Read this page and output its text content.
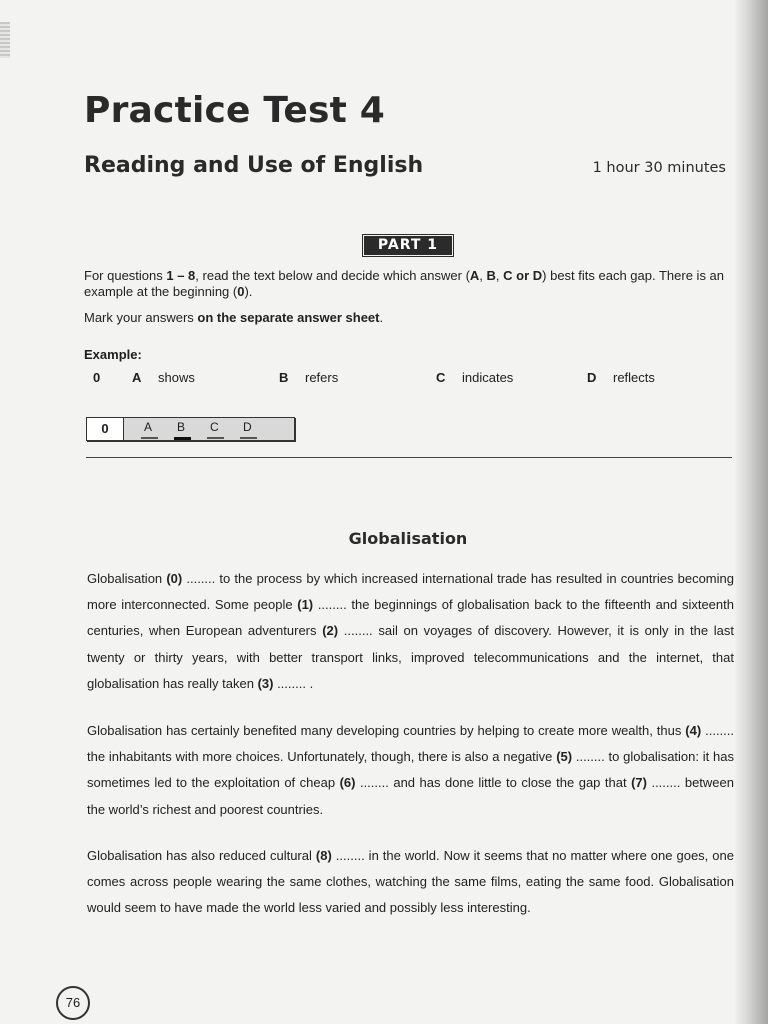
Practice Test 4
Reading and Use of English	1 hour 30 minutes
PART 1

For questions 1 – 8, read the text below and decide which answer (A, B, C or D) best fits each gap. There is an example at the beginning (0).

Mark your answers on the separate answer sheet.

Example:
0 A shows	B refers	C indicates	D reflects
0	A	B	C	D
Globalisation

Globalisation (0) ........ to the process by which increased international trade has resulted in countries becoming more interconnected. Some people (1) ........ the beginnings of globalisation back to the fifteenth and sixteenth centuries, when European adventurers (2) ........ sail on voyages of discovery. However, it is only in the last twenty or thirty years, with better transport links, improved telecommunications and the internet, that globalisation has really taken (3) ........ .

Globalisation has certainly benefited many developing countries by helping to create more wealth, thus (4) ........ the inhabitants with more choices. Unfortunately, though, there is also a negative (5) ........ to globalisation: it has sometimes led to the exploitation of cheap (6) ........ and has done little to close the gap that (7) ........ between the world’s richest and poorest countries.

Globalisation has also reduced cultural (8) ........ in the world. Now it seems that no matter where one goes, one comes across people wearing the same clothes, watching the same films, eating the same food. Globalisation would seem to have made the world less varied and possibly less interesting.

76
